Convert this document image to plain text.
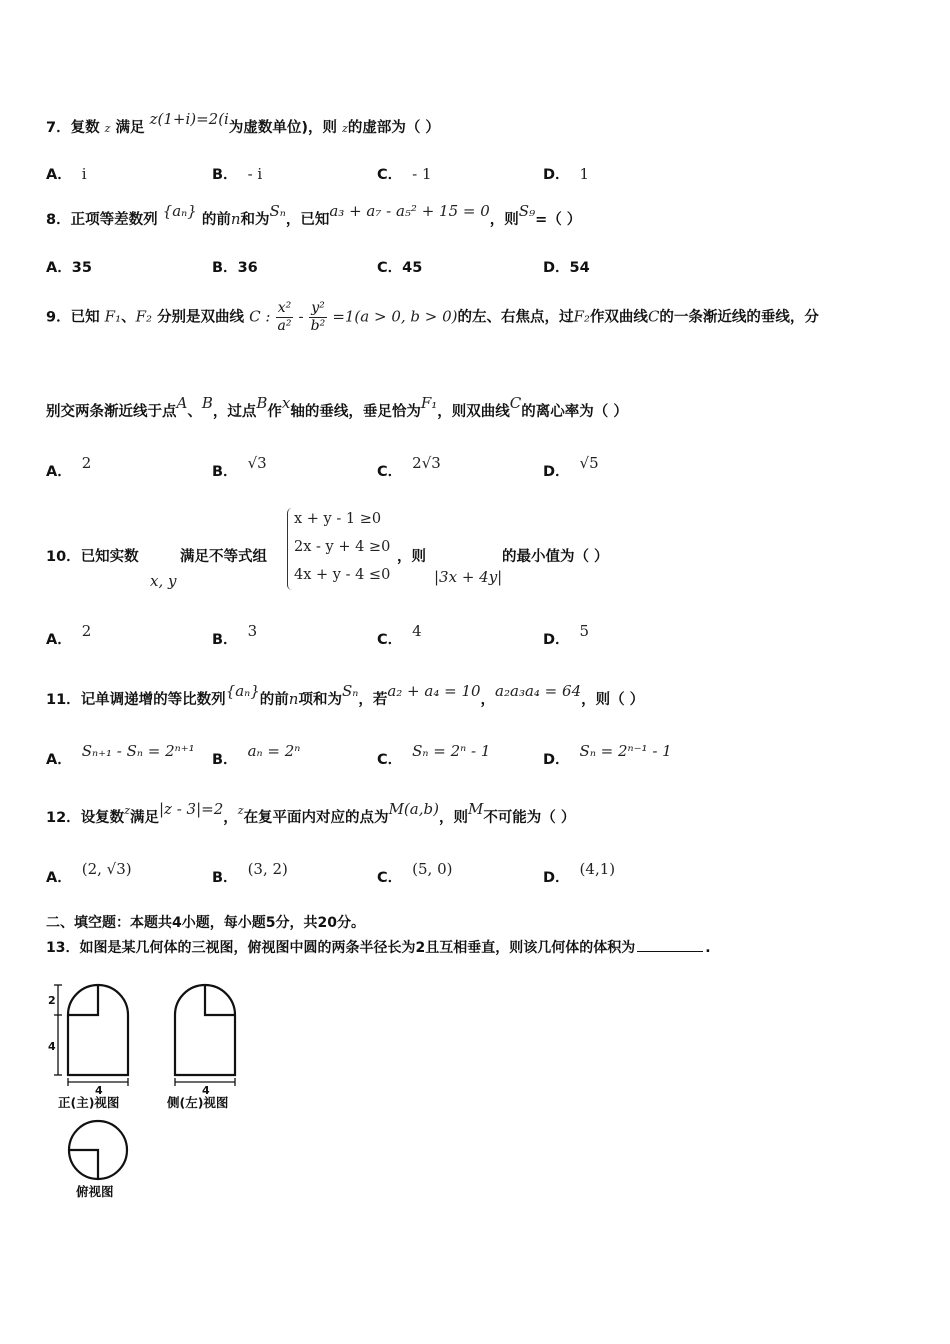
7．复数 z 满足 z(1+i)=2(i为虚数单位)，则 z的虚部为（ ）
A． i	B． - i	C． - 1	D． 1
8．正项等差数列 {aₙ} 的前n和为Sₙ，已知a₃ + a₇ - a₅² + 15 = 0，则S₉=（ ）
A．35	B．36	C．45	D．54
9．已知 F₁、F₂ 分别是双曲线 C : $\frac{\text{x²}}{\text{a²}} - \frac{\text{y²}}{\text{b²}} =1(a > 0$, b > 0)的左、右焦点，过F₂作双曲线C的一条渐近线的垂线，分
别交两条渐近线于点A、B，过点B作x轴的垂线，垂足恰为F₁，则双曲线C的离心率为（ ）
A． 2	B． √3	C． 2√3	D． √5
10．已知实数	满足不等式组
x, y
x + y - 1 ≥0
2x - y + 4 ≥0
4x + y - 4 ≤0
，则
|3x + 4y|
的最小值为（ ）
A． 2	B． 3	C． 4	D． 5
11．记单调递增的等比数列{aₙ}的前n项和为Sₙ，若a₂ + a₄ = 10，a₂a₃a₄ = 64，则（ ）
A． Sₙ₊₁ - Sₙ = 2ⁿ⁺¹ B． aₙ = 2ⁿ	C． Sₙ = 2ⁿ - 1	D． Sₙ = 2ⁿ⁻¹ - 1
12．设复数$^z$满足|z - 3|=2，$^z$在复平面内对应的点为M(a,b)，则M不可能为（ ）
A． (2, √3)	B． (3, 2)	C． (5, 0)	D． (4,1)
二、填空题：本题共4小题，每小题5分，共20分。
13．如图是某几何体的三视图，俯视图中圆的两条半径长为2且互相垂直，则该几何体的体积为	.
2
4
4	4
正(主)视图	侧(左)视图
俯视图
